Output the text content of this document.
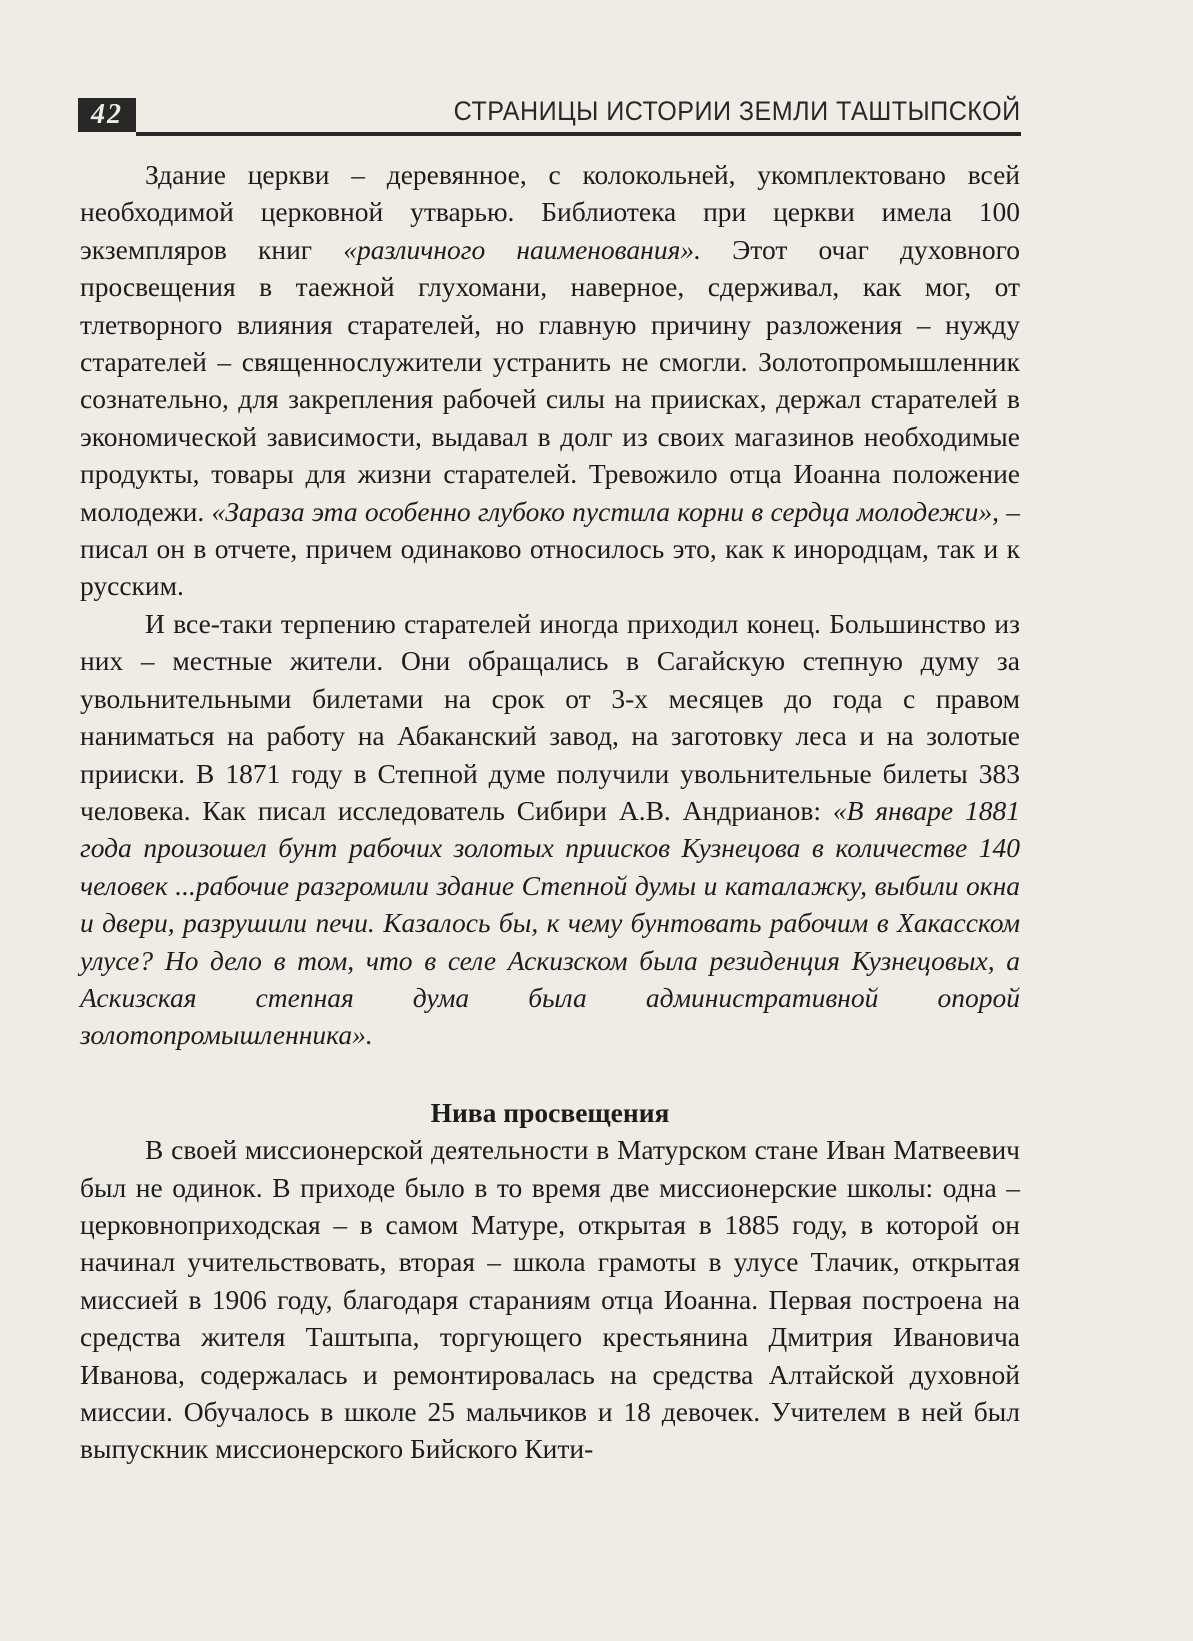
42	СТРАНИЦЫ ИСТОРИИ ЗЕМЛИ ТАШТЫПСКОЙ

Здание церкви – деревянное, с колокольней, укомплектовано всей необходимой церковной утварью. Библиотека при церкви имела 100 экземпляров книг «различного наименования». Этот очаг духовного просвещения в таежной глухомани, наверное, сдерживал, как мог, от тлетворного влияния старателей, но главную причину разложения – нужду старателей – священнослужители устранить не смогли. Золотопромышленник сознательно, для закрепления рабочей силы на приисках, держал старателей в экономической зависимости, выдавал в долг из своих магазинов необходимые продукты, товары для жизни старателей. Тревожило отца Иоанна положение молодежи. «Зараза эта особенно глубоко пустила корни в сердца молодежи», – писал он в отчете, причем одинаково относилось это, как к инородцам, так и к русским.

И все-таки терпению старателей иногда приходил конец. Большинство из них – местные жители. Они обращались в Сагайскую степную думу за увольнительными билетами на срок от 3-х месяцев до года с правом наниматься на работу на Абаканский завод, на заготовку леса и на золотые прииски. В 1871 году в Степной думе получили увольнительные билеты 383 человека. Как писал исследователь Сибири А.В. Андрианов: «В январе 1881 года произошел бунт рабочих золотых приисков Кузнецова в количестве 140 человек ...рабочие разгромили здание Степной думы и каталажку, выбили окна и двери, разрушили печи. Казалось бы, к чему бунтовать рабочим в Хакасском улусе? Но дело в том, что в селе Аскизском была резиденция Кузнецовых, а Аскизская степная дума была административной опорой золотопромышленника».

Нива просвещения

В своей миссионерской деятельности в Матурском стане Иван Матвеевич был не одинок. В приходе было в то время две миссионерские школы: одна – церковноприходская – в самом Матуре, открытая в 1885 году, в которой он начинал учительствовать, вторая – школа грамоты в улусе Тлачик, открытая миссией в 1906 году, благодаря стараниям отца Иоанна. Первая построена на средства жителя Таштыпа, торгующего крестьянина Дмитрия Ивановича Иванова, содержалась и ремонтировалась на средства Алтайской духовной миссии. Обучалось в школе 25 мальчиков и 18 девочек. Учителем в ней был выпускник миссионерского Бийского Кити-
